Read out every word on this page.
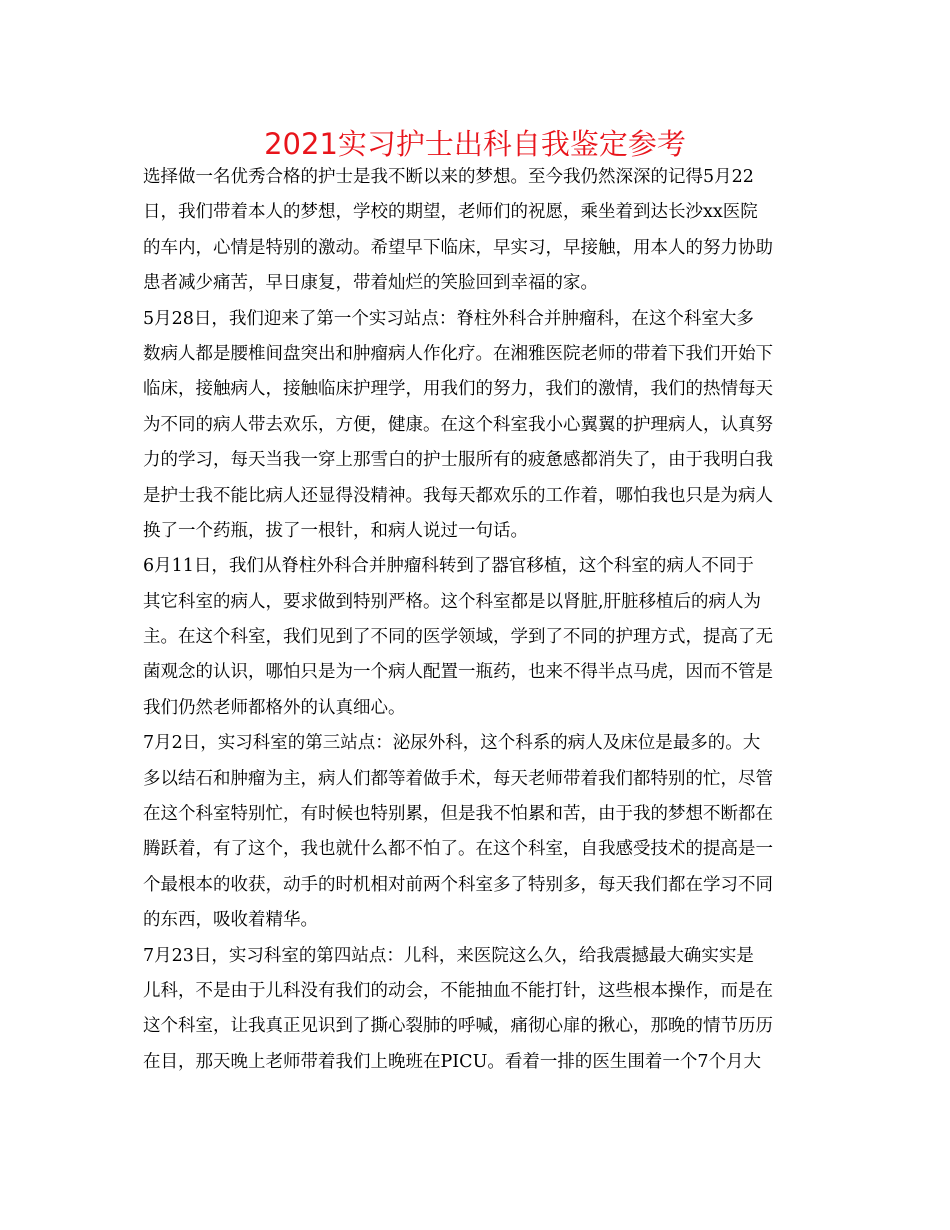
2021实习护士出科自我鉴定参考
选择做一名优秀合格的护士是我不断以来的梦想。至今我仍然深深的记得5月22
日，我们带着本人的梦想，学校的期望，老师们的祝愿，乘坐着到达长沙xx医院
的车内，心情是特别的激动。希望早下临床，早实习，早接触，用本人的努力协助
患者减少痛苦，早日康复，带着灿烂的笑脸回到幸福的家。
5月28日，我们迎来了第一个实习站点：脊柱外科合并肿瘤科，在这个科室大多
数病人都是腰椎间盘突出和肿瘤病人作化疗。在湘雅医院老师的带着下我们开始下
临床，接触病人，接触临床护理学，用我们的努力，我们的激情，我们的热情每天
为不同的病人带去欢乐，方便，健康。在这个科室我小心翼翼的护理病人，认真努
力的学习，每天当我一穿上那雪白的护士服所有的疲惫感都消失了，由于我明白我
是护士我不能比病人还显得没精神。我每天都欢乐的工作着，哪怕我也只是为病人
换了一个药瓶，拔了一根针，和病人说过一句话。
6月11日，我们从脊柱外科合并肿瘤科转到了器官移植，这个科室的病人不同于
其它科室的病人，要求做到特别严格。这个科室都是以肾脏,肝脏移植后的病人为
主。在这个科室，我们见到了不同的医学领域，学到了不同的护理方式，提高了无
菌观念的认识，哪怕只是为一个病人配置一瓶药，也来不得半点马虎，因而不管是
我们仍然老师都格外的认真细心。
7月2日，实习科室的第三站点：泌尿外科，这个科系的病人及床位是最多的。大
多以结石和肿瘤为主，病人们都等着做手术，每天老师带着我们都特别的忙，尽管
在这个科室特别忙，有时候也特别累，但是我不怕累和苦，由于我的梦想不断都在
腾跃着，有了这个，我也就什么都不怕了。在这个科室，自我感受技术的提高是一
个最根本的收获，动手的时机相对前两个科室多了特别多，每天我们都在学习不同
的东西，吸收着精华。
7月23日，实习科室的第四站点：儿科，来医院这么久，给我震撼最大确实实是
儿科，不是由于儿科没有我们的动会，不能抽血不能打针，这些根本操作，而是在
这个科室，让我真正见识到了撕心裂肺的呼喊，痛彻心扉的揪心，那晚的情节历历
在目，那天晚上老师带着我们上晚班在PICU。看着一排的医生围着一个7个月大
